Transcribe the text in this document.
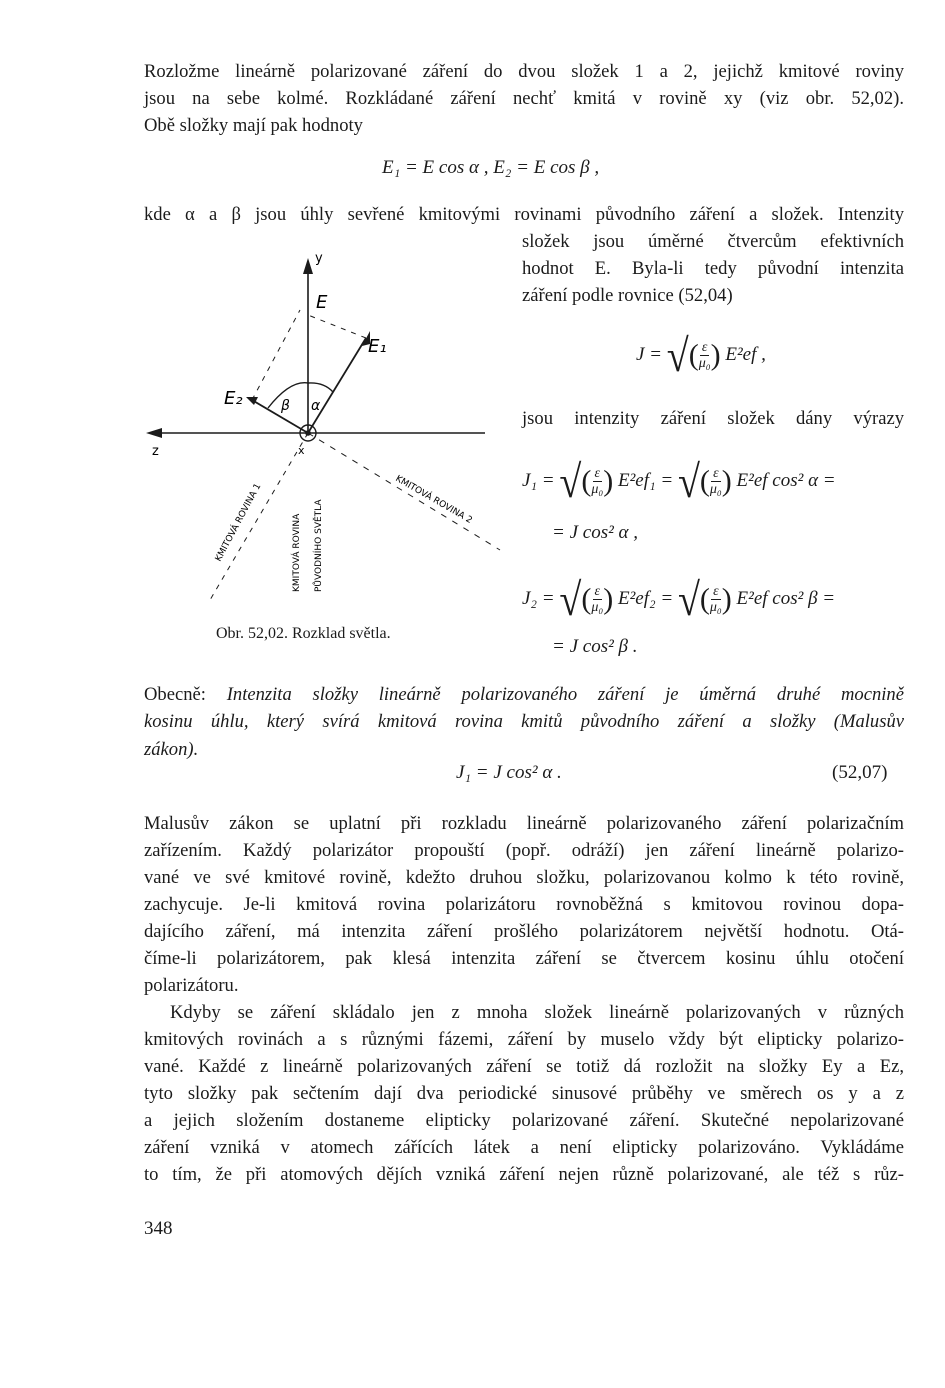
Rozložme lineárně polarizované záření do dvou složek 1 a 2, jejichž kmitové roviny
jsou na sebe kolmé. Rozkládané záření nechť kmitá v rovině xy (viz obr. 52,02).
Obě složky mají pak hodnoty
E₁ = E cos α , E₂ = E cos β ,
kde α a β jsou úhly sevřené kmitovými rovinami původního záření a složek. Intenzity
složek jsou úměrné čtvercům efektivních
hodnot E. Byla-li tedy původní intenzita
záření podle rovnice (52,04)
J = √( $\frac{\varepsilon}{\text{μ₀}}$ ) E²ef ,
jsou intenzity záření složek dány výrazy
J₁ = √( $\frac{\varepsilon}{\text{μ₀}}$ ) E²ef₁ = √( $\frac{\varepsilon}{\text{μ₀}}$ ) E²ef cos² α =
= J cos² α ,
J₂ = √( $\frac{\varepsilon}{\text{μ₀}}$ ) E²ef₂ = √( $\frac{\varepsilon}{\text{μ₀}}$ ) E²ef cos² β =
= J cos² β .
y
z	x
E
E₁
E₂	α
β
KMITOVÁ ROVINA 1	KMITOVÁ ROVINA 2
KMITOVÁ ROVINA PŮVODNÍHO SVĚTLA
Obr. 52,02. Rozklad světla.
Obecně: Intenzita složky lineárně polarizovaného záření je úměrná druhé mocnině
kosinu úhlu, který svírá kmitová rovina kmitů původního záření a složky (Malusův
zákon).
J₁ = J cos² α .	(52,07)
Malusův zákon se uplatní při rozkladu lineárně polarizovaného záření polarizačním
zařízením. Každý polarizátor propouští (popř. odráží) jen záření lineárně polarizo-
vané ve své kmitové rovině, kdežto druhou složku, polarizovanou kolmo k této rovině,
zachycuje. Je-li kmitová rovina polarizátoru rovnoběžná s kmitovou rovinou dopa-
dajícího záření, má intenzita záření prošlého polarizátorem největší hodnotu. Otá-
číme-li polarizátorem, pak klesá intenzita záření se čtvercem kosinu úhlu otočení
polarizátoru.
Kdyby se záření skládalo jen z mnoha složek lineárně polarizovaných v různých
kmitových rovinách a s různými fázemi, záření by muselo vždy být elipticky polarizo-
vané. Každé z lineárně polarizovaných záření se totiž dá rozložit na složky Ey a Ez,
tyto složky pak sečtením dají dva periodické sinusové průběhy ve směrech os y a z
a jejich složením dostaneme elipticky polarizované záření. Skutečné nepolarizované
záření vzniká v atomech zářících látek a není elipticky polarizováno. Vykládáme
to tím, že při atomových dějích vzniká záření nejen různě polarizované, ale též s růz-
348
